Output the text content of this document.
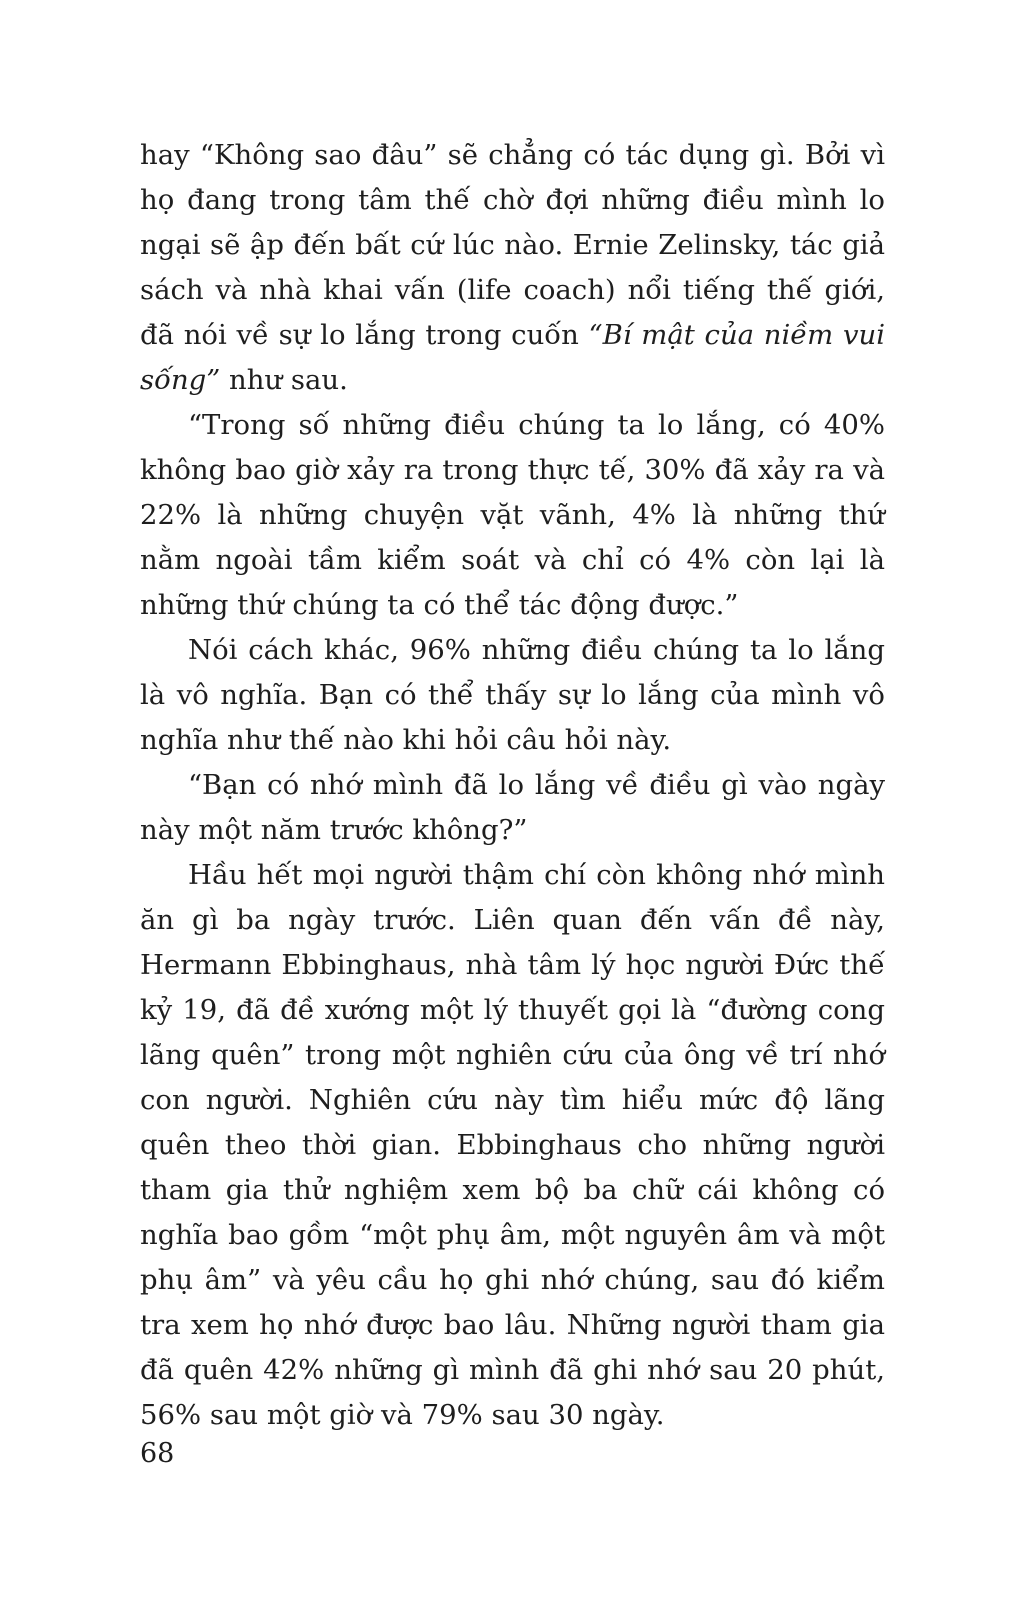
hay “Không sao đâu” sẽ chẳng có tác dụng gì. Bởi vì họ đang trong tâm thế chờ đợi những điều mình lo ngại sẽ ập đến bất cứ lúc nào. Ernie Zelinsky, tác giả sách và nhà khai vấn (life coach) nổi tiếng thế giới, đã nói về sự lo lắng trong cuốn “Bí mật của niềm vui sống” như sau.

“Trong số những điều chúng ta lo lắng, có 40% không bao giờ xảy ra trong thực tế, 30% đã xảy ra và 22% là những chuyện vặt vãnh, 4% là những thứ nằm ngoài tầm kiểm soát và chỉ có 4% còn lại là những thứ chúng ta có thể tác động được.”

Nói cách khác, 96% những điều chúng ta lo lắng là vô nghĩa. Bạn có thể thấy sự lo lắng của mình vô nghĩa như thế nào khi hỏi câu hỏi này.

“Bạn có nhớ mình đã lo lắng về điều gì vào ngày này một năm trước không?”

Hầu hết mọi người thậm chí còn không nhớ mình ăn gì ba ngày trước. Liên quan đến vấn đề này, Hermann Ebbinghaus, nhà tâm lý học người Đức thế kỷ 19, đã đề xướng một lý thuyết gọi là “đường cong lãng quên” trong một nghiên cứu của ông về trí nhớ con người. Nghiên cứu này tìm hiểu mức độ lãng quên theo thời gian. Ebbinghaus cho những người tham gia thử nghiệm xem bộ ba chữ cái không có nghĩa bao gồm “một phụ âm, một nguyên âm và một phụ âm” và yêu cầu họ ghi nhớ chúng, sau đó kiểm tra xem họ nhớ được bao lâu. Những người tham gia đã quên 42% những gì mình đã ghi nhớ sau 20 phút, 56% sau một giờ và 79% sau 30 ngày.

68
